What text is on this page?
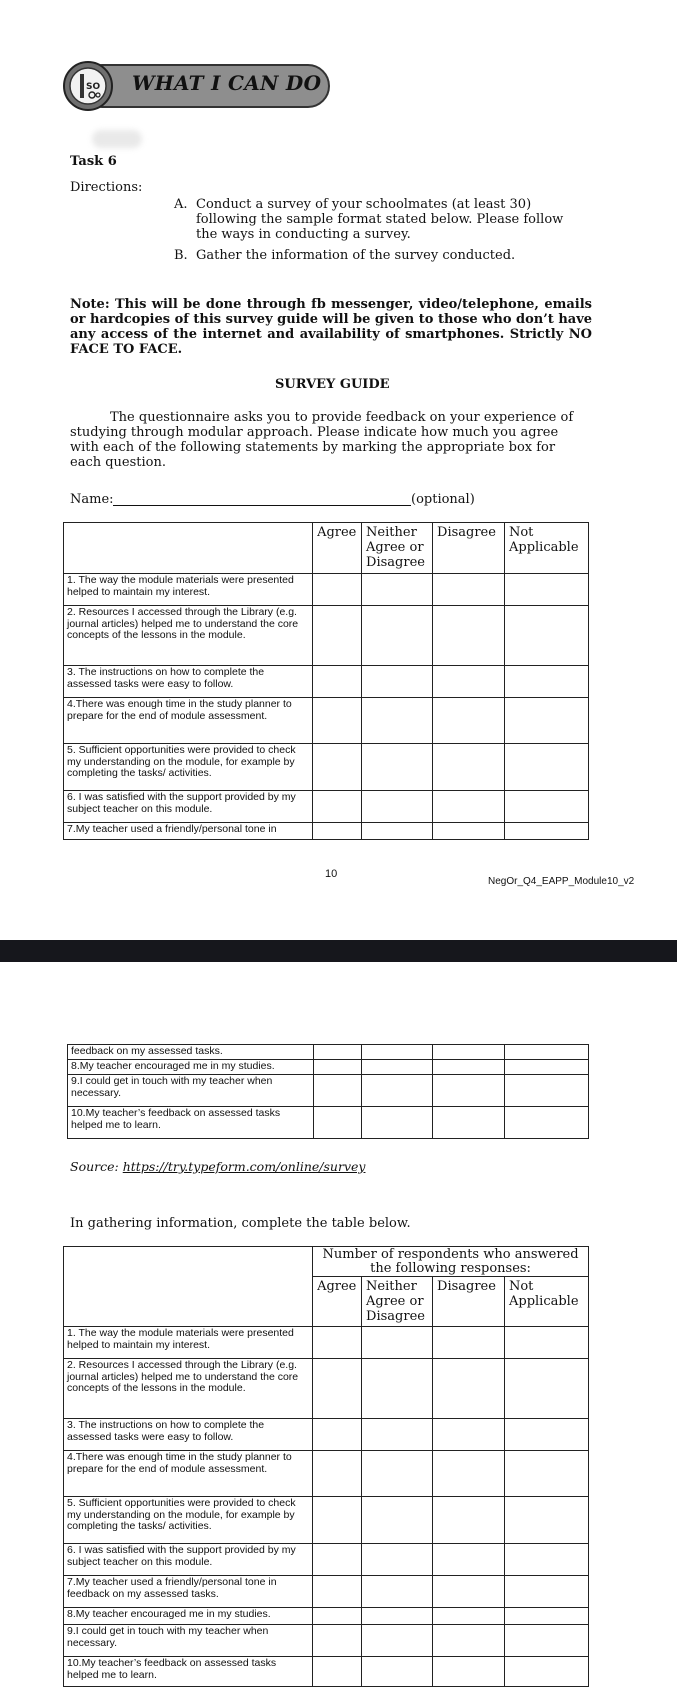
SO WHAT I CAN DO
Task 6
Directions:
A. Conduct a survey of your schoolmates (at least 30) following the sample format stated below. Please follow the ways in conducting a survey.
B. Gather the information of the survey conducted.
Note: This will be done through fb messenger, video/telephone, emails or hardcopies of this survey guide will be given to those who don’t have any access of the internet and availability of smartphones. Strictly NO FACE TO FACE.
SURVEY GUIDE
The questionnaire asks you to provide feedback on your experience of studying through modular approach. Please indicate how much you agree with each of the following statements by marking the appropriate box for each question.
Name:	(optional)
	Agree	Neither Agree or Disagree	Disagree	Not Applicable
1. The way the module materials were presented helped to maintain my interest.				
2. Resources I accessed through the Library (e.g. journal articles) helped me to understand the core concepts of the lessons in the module.				
3. The instructions on how to complete the assessed tasks were easy to follow.				
4.There was enough time in the study planner to prepare for the end of module assessment.				
5. Sufficient opportunities were provided to check my understanding on the module, for example by completing the tasks/ activities.				
6. I was satisfied with the support provided by my subject teacher on this module.				
7.My teacher used a friendly/personal tone in				
10
NegOr_Q4_EAPP_Module10_v2
feedback on my assessed tasks.				
8.My teacher encouraged me in my studies.				
9.I could get in touch with my teacher when necessary.				
10.My teacher’s feedback on assessed tasks helped me to learn.				
Source: https://try.typeform.com/online/survey
In gathering information, complete the table below.
	Number of respondents who answered the following responses:			
	Agree	Neither Agree or Disagree	Disagree	Not Applicable
1. The way the module materials were presented helped to maintain my interest.				
2. Resources I accessed through the Library (e.g. journal articles) helped me to understand the core concepts of the lessons in the module.				
3. The instructions on how to complete the assessed tasks were easy to follow.				
4.There was enough time in the study planner to prepare for the end of module assessment.				
5. Sufficient opportunities were provided to check my understanding on the module, for example by completing the tasks/ activities.				
6. I was satisfied with the support provided by my subject teacher on this module.				
7.My teacher used a friendly/personal tone in feedback on my assessed tasks.				
8.My teacher encouraged me in my studies.				
9.I could get in touch with my teacher when necessary.				
10.My teacher’s feedback on assessed tasks helped me to learn.				
